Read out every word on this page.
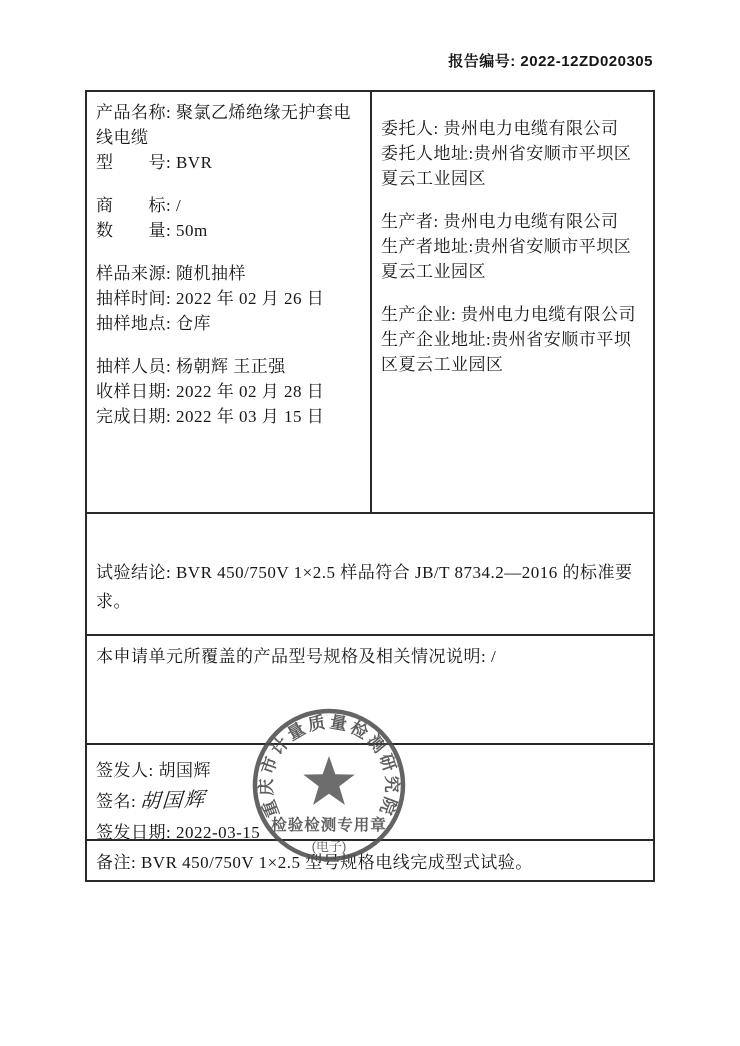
报告编号: 2022-12ZD020305
产品名称: 聚氯乙烯绝缘无护套电线电缆
型　　号: BVR
商　　标: /
数　　量: 50m
样品来源: 随机抽样
抽样时间: 2022 年 02 月 26 日
抽样地点: 仓库
抽样人员: 杨朝辉 王正强
收样日期: 2022 年 02 月 28 日
完成日期: 2022 年 03 月 15 日
委托人: 贵州电力电缆有限公司
委托人地址:贵州省安顺市平坝区夏云工业园区
生产者: 贵州电力电缆有限公司
生产者地址:贵州省安顺市平坝区夏云工业园区
生产企业: 贵州电力电缆有限公司
生产企业地址:贵州省安顺市平坝区夏云工业园区
试验结论: BVR 450/750V 1×2.5 样品符合 JB/T 8734.2—2016 的标准要求。
本申请单元所覆盖的产品型号规格及相关情况说明: /
签发人: 胡国辉
签名: 胡国辉
签发日期: 2022-03-15
备注: BVR 450/750V 1×2.5 型号规格电线完成型式试验。
重庆市计量质量检测研究院
检验检测专用章
(电子)
